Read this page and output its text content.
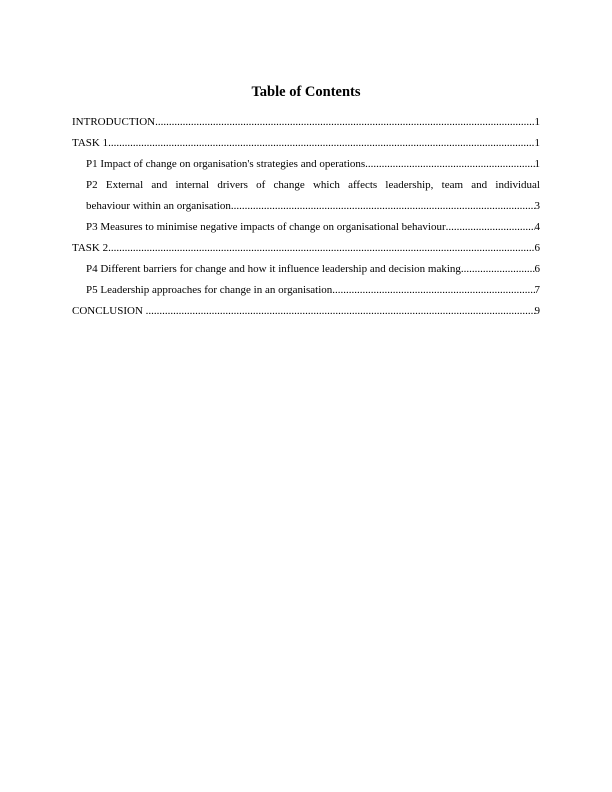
Table of Contents
INTRODUCTION .....	1
TASK 1 .....	1
P1 Impact of change on organisation's strategies and operations .....	1
P2 External and internal drivers of change which affects leadership, team and individual
behaviour within an organisation .....	3
P3 Measures to minimise negative impacts of change on organisational behaviour .....	4
TASK 2 .....	6
P4 Different barriers for change and how it influence leadership and decision making .....	6
P5 Leadership approaches for change in an organisation .....	7
CONCLUSION .....	9
